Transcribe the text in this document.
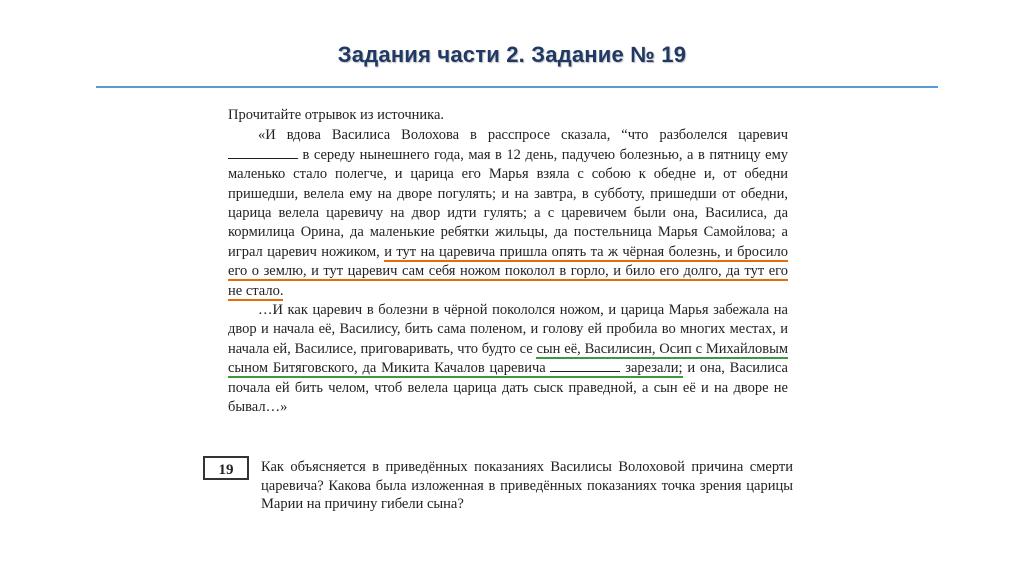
Задания части 2. Задание № 19

Прочитайте отрывок из источника.

«И вдова Василиса Волохова в расспросе сказала, “что разболелся царевич  в середу нынешнего года, мая в 12 день, падучею болезнью, а в пятницу ему маленько стало полегче, и царица его Марья взяла с собою к обедне и, от обедни пришедши, велела ему на дворе погулять; и на завтра, в субботу, пришедши от обедни, царица велела царевичу на двор идти гулять; а с царевичем были она, Василиса, да кормилица Орина, да маленькие ребятки жильцы, да постельница Марья Самойлова; а играл царевич ножиком, и тут на царевича пришла опять та ж чёрная болезнь, и бросило его о землю, и тут царевич сам себя ножом поколол в горло, и било его долго, да тут его не стало.

…И как царевич в болезни в чёрной покололся ножом, и царица Марья забежала на двор и начала её, Василису, бить сама поленом, и голову ей пробила во многих местах, и начала ей, Василисе, приговаривать, что будто се сын её, Василисин, Осип с Михайловым сыном Битяговского, да Микита Качалов царевича	зарезали; и она, Василиса почала ей бить челом, чтоб велела царица дать сыск праведной, а сын её и на дворе не бывал…»

19	Как объясняется в приведённых показаниях Василисы Волоховой причина смерти царевича? Какова была изложенная в приведённых показаниях точка зрения царицы Марии на причину гибели сына?
